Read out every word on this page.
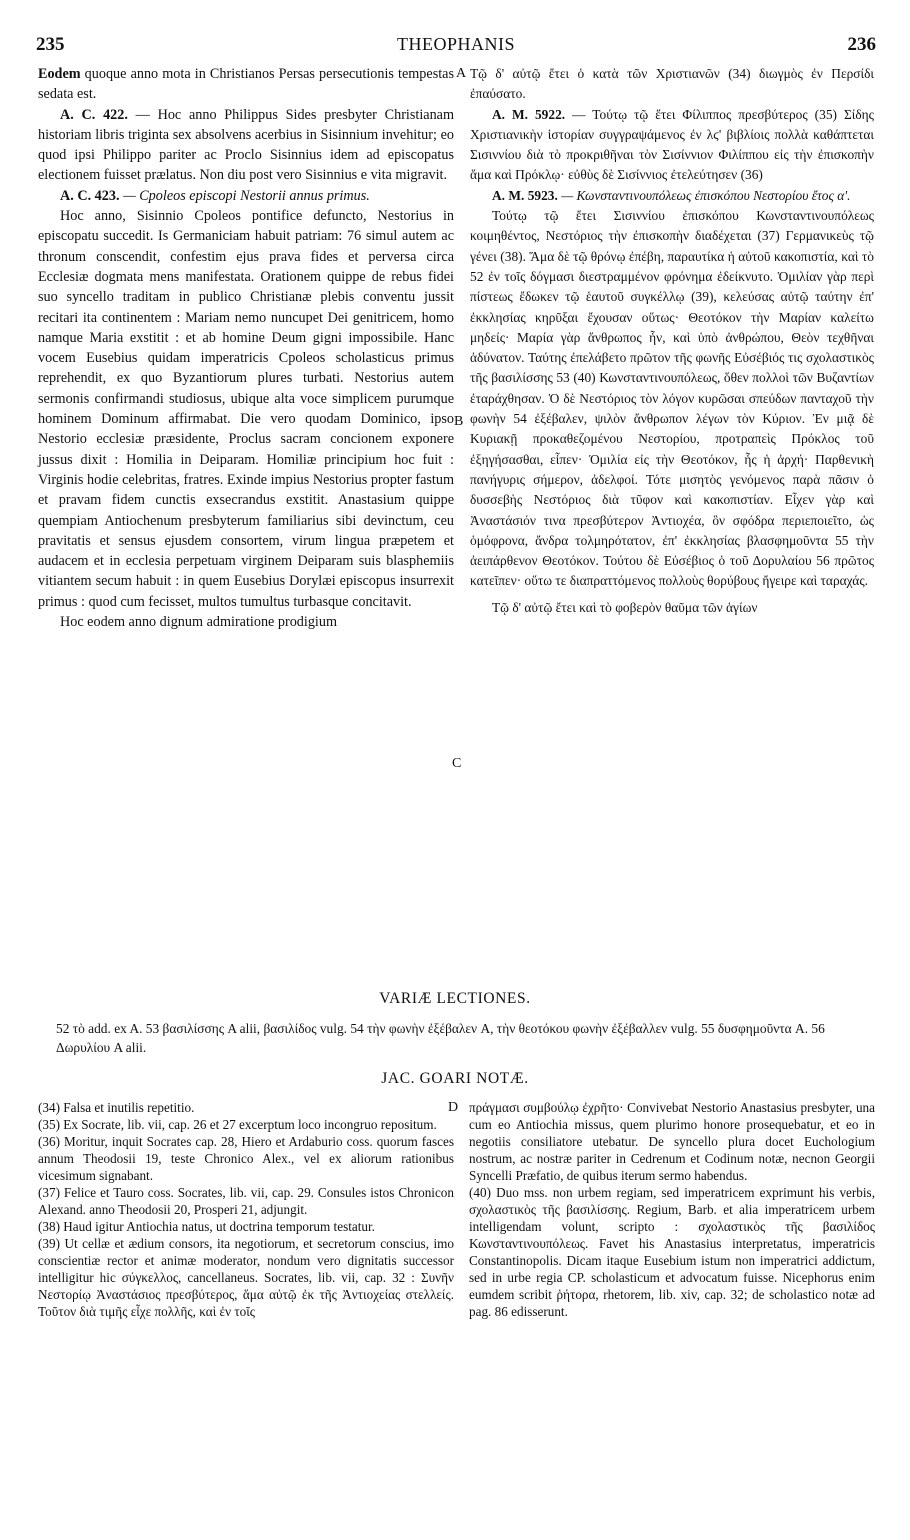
235	THEOPHANIS	236

Eodem quoque anno mota in Christianos Persas persecutionis tempestas sedata est.

A. C. 422. — Hoc anno Philippus Sides presbyter Christianam historiam libris triginta sex absolvens acerbius in Sisinnium invehitur; eo quod ipsi Philippo pariter ac Proclo Sisinnius idem ad episcopatus electionem fuisset prælatus. Non diu post vero Sisinnius e vita migravit.

A. C. 423. — Cpoleos episcopi Nestorii annus primus.

Hoc anno, Sisinnio Cpoleos pontifice defuncto, Nestorius in episcopatu succedit. Is Germaniciam habuit patriam: 76 simul autem ac thronum conscendit, confestim ejus prava fides et perversa circa Ecclesiæ dogmata mens manifestata. Orationem quippe de rebus fidei suo syncello traditam in publico Christianæ plebis conventu jussit recitari ita continentem : Mariam nemo nuncupet Dei genitricem, homo namque Maria exstitit : et ab homine Deum gigni impossibile. Hanc vocem Eusebius quidam imperatricis Cpoleos scholasticus primus reprehendit, ex quo Byzantiorum plures turbati. Nestorius autem sermonis confirmandi studiosus, ubique alta voce simplicem purumque hominem Dominum affirmabat. Die vero quodam Dominico, ipso Nestorio ecclesiæ præsidente, Proclus sacram concionem exponere jussus dixit : Homilia in Deiparam. Homiliæ principium hoc fuit : Virginis hodie celebritas, fratres. Exinde impius Nestorius propter fastum et pravam fidem cunctis exsecrandus exstitit. Anastasium quippe quempiam Antiochenum presbyterum familiarius sibi devinctum, ceu pravitatis et sensus ejusdem consortem, virum lingua præpetem et audacem et in ecclesia perpetuam virginem Deiparam suis blasphemiis vitiantem secum habuit : in quem Eusebius Dorylæi episcopus insurrexit primus : quod cum fecisset, multos tumultus turbasque concitavit.

Hoc eodem anno dignum admiratione prodigium

Τῷ δ' αὐτῷ ἔτει ὁ κατὰ τῶν Χριστιανῶν (34) διωγμὸς ἐν Περσίδι ἐπαύσατο.

Α. Μ. 5922. — Τούτῳ τῷ ἔτει Φίλιππος πρεσβύτερος (35) Σίδης Χριστιανικὴν ἱστορίαν συγγραψάμενος ἐν λϛ' βιβλίοις πολλὰ καθάπτεται Σισιννίου διὰ τὸ προκριθῆναι τὸν Σισίννιον Φιλίππου εἰς τὴν ἐπισκοπὴν ἅμα καὶ Πρόκλῳ· εὐθὺς δὲ Σισίννιος ἐτελεύτησεν (36)

Α. Μ. 5923. — Κωνσταντινουπόλεως ἐπισκόπου Νεστορίου ἔτος α'.

Τούτῳ τῷ ἔτει Σισιννίου ἐπισκόπου Κωνσταντινουπόλεως κοιμηθέντος, Νεστόριος τὴν ἐπισκοπὴν διαδέχεται (37) Γερμανικεὺς τῷ γένει (38). Ἅμα δὲ τῷ θρόνῳ ἐπέβη, παραυτίκα ἡ αὐτοῦ κακοπιστία, καὶ τὸ 52 ἐν τοῖς δόγμασι διεστραμμένον φρόνημα ἐδείκνυτο. Ὁμιλίαν γὰρ περὶ πίστεως ἔδωκεν τῷ ἑαυτοῦ συγκέλλῳ (39), κελεύσας αὐτῷ ταύτην ἐπ' ἐκκλησίας κηρῦξαι ἔχουσαν οὕτως· Θεοτόκον τὴν Μαρίαν καλείτω μηδείς· Μαρία γὰρ ἄνθρωπος ἦν, καὶ ὑπὸ ἀνθρώπου, Θεὸν τεχθῆναι ἀδύνατον. Ταύτης ἐπελάβετο πρῶτον τῆς φωνῆς Εὐσέβιός τις σχολαστικὸς τῆς βασιλίσσης 53 (40) Κωνσταντινουπόλεως, ὅθεν πολλοὶ τῶν Βυζαντίων ἐταράχθησαν. Ὁ δὲ Νεστόριος τὸν λόγον κυρῶσαι σπεύδων πανταχοῦ τὴν φωνὴν 54 ἐξέβαλεν, ψιλὸν ἄνθρωπον λέγων τὸν Κύριον. Ἐν μιᾷ δὲ Κυριακῇ προκαθεζομένου Νεστορίου, προτραπεὶς Πρόκλος τοῦ ἐξηγήσασθαι, εἶπεν· Ὁμιλία εἰς τὴν Θεοτόκον, ἧς ἡ ἀρχή· Παρθενικὴ πανήγυρις σήμερον, ἀδελφοί. Τότε μισητὸς γενόμενος παρὰ πᾶσιν ὁ δυσσεβὴς Νεστόριος διὰ τῦφον καὶ κακοπιστίαν. Εἶχεν γὰρ καὶ Ἀναστάσιόν τινα πρεσβύτερον Ἀντιοχέα, ὃν σφόδρα περιεποιεῖτο, ὡς ὁμόφρονα, ἄνδρα τολμηρότατον, ἐπ' ἐκκλησίας βλασφημοῦντα 55 τὴν ἀειπάρθενον Θεοτόκον. Τούτου δὲ Εὐσέβιος ὁ τοῦ Δορυλαίου 56 πρῶτος κατεῖπεν· οὕτω τε διαπραττόμενος πολλοὺς θορύβους ἤγειρε καὶ ταραχάς.

Τῷ δ' αὐτῷ ἔτει καὶ τὸ φοβερὸν θαῦμα τῶν ἁγίων

A
B
C
D
VARIÆ LECTIONES.
52 τὸ add. ex A. 53 βασιλίσσης A alii, βασιλίδος vulg. 54 τὴν φωνὴν ἐξέβαλεν A, τὴν θεοτόκου φωνὴν ἐξέβαλλεν vulg. 55 δυσφημοῦντα A. 56 Δωρυλίου A alii.
JAC. GOARI NOTÆ.

(34) Falsa et inutilis repetitio.

(35) Ex Socrate, lib. vii, cap. 26 et 27 excerptum loco incongruo repositum.

(36) Moritur, inquit Socrates cap. 28, Hiero et Ardaburio coss. quorum fasces annum Theodosii 19, teste Chronico Alex., vel ex aliorum rationibus vicesimum signabant.

(37) Felice et Tauro coss. Socrates, lib. vii, cap. 29. Consules istos Chronicon Alexand. anno Theodosii 20, Prosperi 21, adjungit.

(38) Haud igitur Antiochia natus, ut doctrina temporum testatur.

(39) Ut cellæ et ædium consors, ita negotiorum, et secretorum conscius, imo conscientiæ rector et animæ moderator, nondum vero dignitatis successor intelligitur hic σύγκελλος, cancellaneus. Socrates, lib. vii, cap. 32 : Συνῆν Νεστορίῳ Ἀναστάσιος πρεσβύτερος, ἅμα αὐτῷ ἐκ τῆς Ἀντιοχείας στελλείς. Τοῦτον διὰ τιμῆς εἶχε πολλῆς, καὶ ἐν τοῖς

πράγμασι συμβούλῳ ἐχρῆτο· Convivebat Nestorio Anastasius presbyter, una cum eo Antiochia missus, quem plurimo honore prosequebatur, et eo in negotiis consiliatore utebatur. De syncello plura docet Euchologium nostrum, ac nostræ pariter in Cedrenum et Codinum notæ, necnon Georgii Syncelli Præfatio, de quibus iterum sermo habendus.

(40) Duo mss. non urbem regiam, sed imperatricem exprimunt his verbis, σχολαστικὸς τῆς βασιλίσσης. Regium, Barb. et alia imperatricem urbem intelligendam volunt, scripto : σχολαστικὸς τῆς βασιλίδος Κωνσταντινουπόλεως. Favet his Anastasius interpretatus, imperatricis Constantinopolis. Dicam itaque Eusebium istum non imperatrici addictum, sed in urbe regia CP. scholasticum et advocatum fuisse. Nicephorus enim eumdem scribit ῥήτορα, rhetorem, lib. xiv, cap. 32; de scholastico notæ ad pag. 86 edisserunt.
